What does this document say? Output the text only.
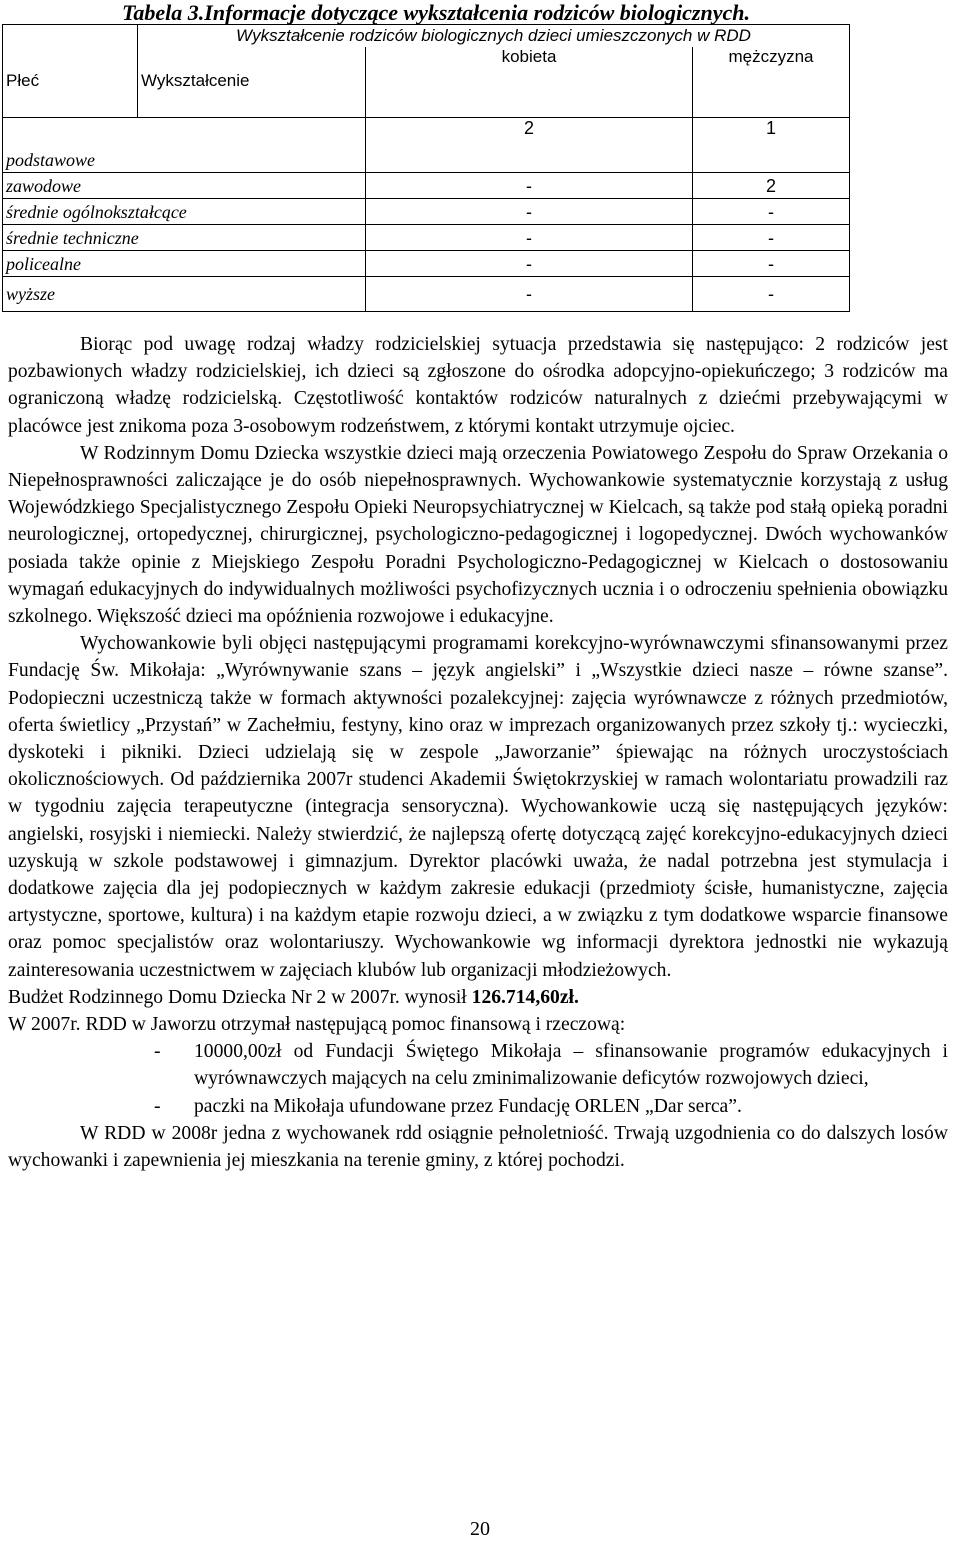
Tabela 3.Informacje dotyczące wykształcenia rodziców biologicznych.
Płeć	Wykształcenie rodziców biologicznych dzieci umieszczonych w RDD		

	Wykształcenie	kobieta	mężczyzna
podstawowe		2	1
zawodowe		-	2
średnie ogólnokształcące		-	-
średnie techniczne		-	-
policealne		-	-
wyższe		-	-

Biorąc pod uwagę rodzaj władzy rodzicielskiej sytuacja przedstawia się następująco: 2 rodziców jest pozbawionych władzy rodzicielskiej, ich dzieci są zgłoszone do ośrodka adopcyjno-opiekuńczego; 3 rodziców ma ograniczoną władzę rodzicielską. Częstotliwość kontaktów rodziców naturalnych z dziećmi przebywającymi w placówce jest znikoma poza 3-osobowym rodzeństwem, z którymi kontakt utrzymuje ojciec.

W Rodzinnym Domu Dziecka wszystkie dzieci mają orzeczenia Powiatowego Zespołu do Spraw Orzekania o Niepełnosprawności zaliczające je do osób niepełnosprawnych. Wychowankowie systematycznie korzystają z usług Wojewódzkiego Specjalistycznego Zespołu Opieki Neuropsychiatrycznej w Kielcach, są także pod stałą opieką poradni neurologicznej, ortopedycznej, chirurgicznej, psychologiczno-pedagogicznej i logopedycznej. Dwóch wychowanków posiada także opinie z Miejskiego Zespołu Poradni Psychologiczno-Pedagogicznej w Kielcach o dostosowaniu wymagań edukacyjnych do indywidualnych możliwości psychofizycznych ucznia i o odroczeniu spełnienia obowiązku szkolnego. Większość dzieci ma opóźnienia rozwojowe i edukacyjne.

Wychowankowie byli objęci następującymi programami korekcyjno-wyrównawczymi sfinansowanymi przez Fundację Św. Mikołaja: „Wyrównywanie szans – język angielski” i „Wszystkie dzieci nasze – równe szanse”. Podopieczni uczestniczą także w formach aktywności pozalekcyjnej: zajęcia wyrównawcze z różnych przedmiotów, oferta świetlicy „Przystań” w Zachełmiu, festyny, kino oraz w imprezach organizowanych przez szkoły tj.: wycieczki, dyskoteki i pikniki. Dzieci udzielają się w zespole „Jaworzanie” śpiewając na różnych uroczystościach okolicznościowych. Od października 2007r studenci Akademii Świętokrzyskiej w ramach wolontariatu prowadzili raz w tygodniu zajęcia terapeutyczne (integracja sensoryczna). Wychowankowie uczą się następujących języków: angielski, rosyjski i niemiecki. Należy stwierdzić, że najlepszą ofertę dotyczącą zajęć korekcyjno-edukacyjnych dzieci uzyskują w szkole podstawowej i gimnazjum. Dyrektor placówki uważa, że nadal potrzebna jest stymulacja i dodatkowe zajęcia dla jej podopiecznych w każdym zakresie edukacji (przedmioty ścisłe, humanistyczne, zajęcia artystyczne, sportowe, kultura) i na każdym etapie rozwoju dzieci, a w związku z tym dodatkowe wsparcie finansowe oraz pomoc specjalistów oraz wolontariuszy. Wychowankowie wg informacji dyrektora jednostki nie wykazują zainteresowania uczestnictwem w zajęciach klubów lub organizacji młodzieżowych.

Budżet Rodzinnego Domu Dziecka Nr 2 w 2007r. wynosił 126.714,60zł.

W 2007r. RDD w Jaworzu otrzymał następującą pomoc finansową i rzeczową:

- 10000,00zł od Fundacji Świętego Mikołaja – sfinansowanie programów edukacyjnych i wyrównawczych mających na celu zminimalizowanie deficytów rozwojowych dzieci,
- paczki na Mikołaja ufundowane przez Fundację ORLEN „Dar serca”.

W RDD w 2008r jedna z wychowanek rdd osiągnie pełnoletniość. Trwają uzgodnienia co do dalszych losów wychowanki i zapewnienia jej mieszkania na terenie gminy, z której pochodzi.

20
